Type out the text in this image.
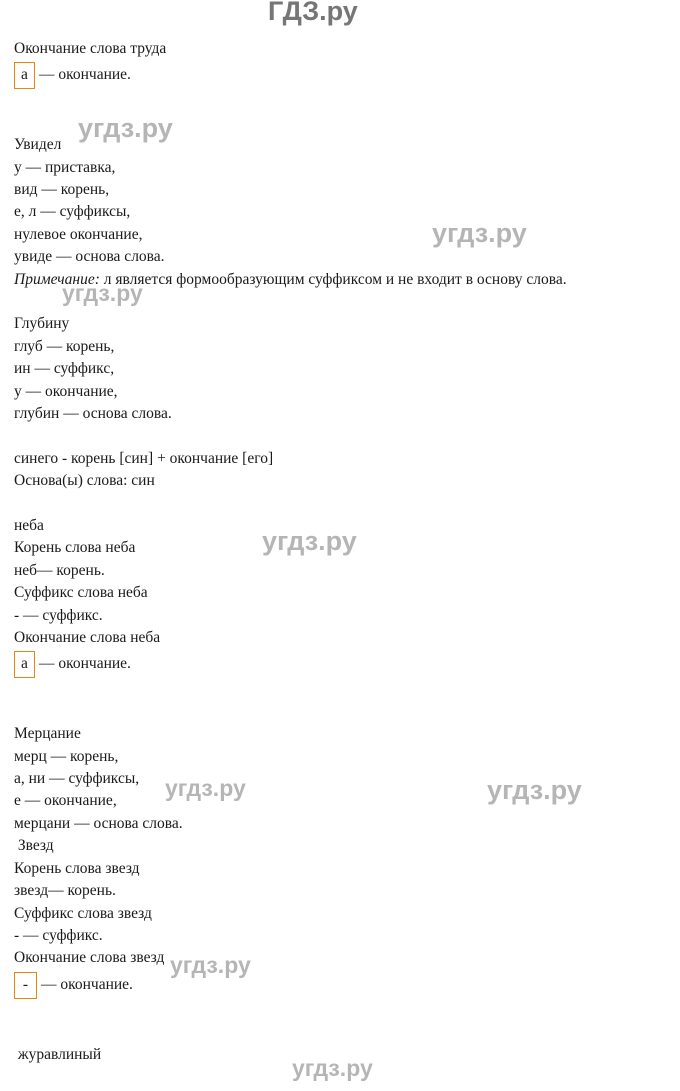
ГДЗ.ру
угдз.ру
угдз.ру
угдз.ру
угдз.ру
угдз.ру	угдз.ру
угдз.ру
угдз.ру
Окончание слова труда
а — окончание.
Увидел
у — приставка,
вид — корень,
е, л — суффиксы,
нулевое окончание,
увиде — основа слова.
Примечание: л является формообразующим суффиксом и не входит в основу слова.
Глубину
глуб — корень,
ин — суффикс,
у — окончание,
глубин — основа слова.
синего - корень [син] + окончание [его]
Основа(ы) слова: син
неба
Корень слова неба
неб— корень.
Суффикс слова неба
- — суффикс.
Окончание слова неба
а — окончание.
Мерцание
мерц — корень,
а, ни — суффиксы,
е — окончание,
мерцани — основа слова.
Звезд
Корень слова звезд
звезд— корень.
Суффикс слова звезд
- — суффикс.
Окончание слова звезд
- — окончание.
журавлиный
